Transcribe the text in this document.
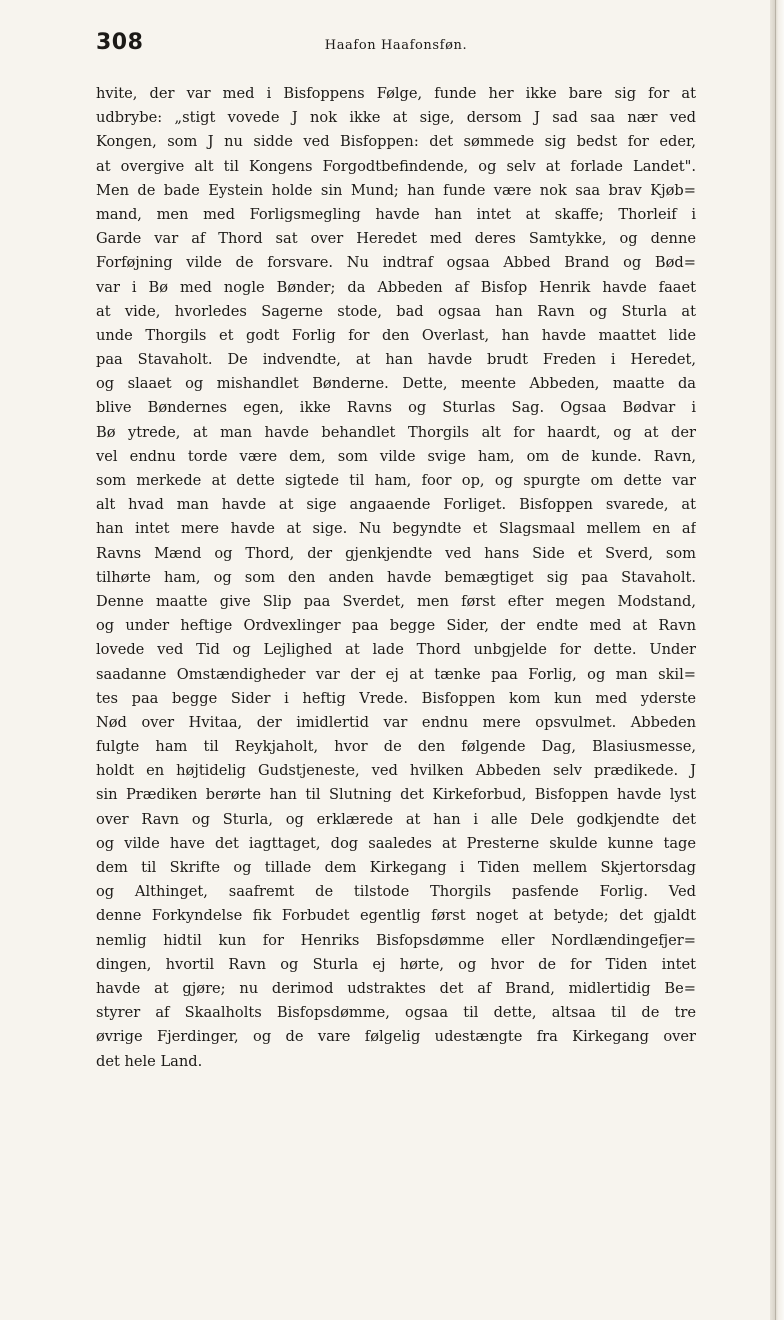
308	Haafon Haafonsføn.
hvite, der var med i Bisfoppens Følge, funde her ikke bare sig for at
udbrybe: „stigt vovede J nok ikke at sige, dersom J sad saa nær ved
Kongen, som J nu sidde ved Bisfoppen: det sømmede sig bedst for eder,
at overgive alt til Kongens Forgodtbefindende, og selv at forlade Landet".
Men de bade Eystein holde sin Mund; han funde være nok saa brav Kjøb=
mand, men med Forligsmegling havde han intet at skaffe; Thorleif i
Garde var af Thord sat over Heredet med deres Samtykke, og denne
Forføjning vilde de forsvare. Nu indtraf ogsaa Abbed Brand og Bød=
var i Bø med nogle Bønder; da Abbeden af Bisfop Henrik havde faaet
at vide, hvorledes Sagerne stode, bad ogsaa han Ravn og Sturla at
unde Thorgils et godt Forlig for den Overlast, han havde maattet lide
paa Stavaholt. De indvendte, at han havde brudt Freden i Heredet,
og slaaet og mishandlet Bønderne. Dette, meente Abbeden, maatte da
blive Bøndernes egen, ikke Ravns og Sturlas Sag. Ogsaa Bødvar i
Bø ytrede, at man havde behandlet Thorgils alt for haardt, og at der
vel endnu torde være dem, som vilde svige ham, om de kunde. Ravn,
som merkede at dette sigtede til ham, foor op, og spurgte om dette var
alt hvad man havde at sige angaaende Forliget. Bisfoppen svarede, at
han intet mere havde at sige. Nu begyndte et Slagsmaal mellem en af
Ravns Mænd og Thord, der gjenkjendte ved hans Side et Sverd, som
tilhørte ham, og som den anden havde bemægtiget sig paa Stavaholt.
Denne maatte give Slip paa Sverdet, men først efter megen Modstand,
og under heftige Ordvexlinger paa begge Sider, der endte med at Ravn
lovede ved Tid og Lejlighed at lade Thord unbgjelde for dette. Under
saadanne Omstændigheder var der ej at tænke paa Forlig, og man skil=
tes paa begge Sider i heftig Vrede. Bisfoppen kom kun med yderste
Nød over Hvitaa, der imidlertid var endnu mere opsvulmet. Abbeden
fulgte ham til Reykjaholt, hvor de den følgende Dag, Blasiusmesse,
holdt en højtidelig Gudstjeneste, ved hvilken Abbeden selv prædikede. J
sin Prædiken berørte han til Slutning det Kirkeforbud, Bisfoppen havde lyst
over Ravn og Sturla, og erklærede at han i alle Dele godkjendte det
og vilde have det iagttaget, dog saaledes at Presterne skulde kunne tage
dem til Skrifte og tillade dem Kirkegang i Tiden mellem Skjertorsdag
og Althinget, saafremt de tilstode Thorgils pasfende Forlig. Ved
denne Forkyndelse fik Forbudet egentlig først noget at betyde; det gjaldt
nemlig hidtil kun for Henriks Bisfopsdømme eller Nordlændingefjer=
dingen, hvortil Ravn og Sturla ej hørte, og hvor de for Tiden intet
havde at gjøre; nu derimod udstraktes det af Brand, midlertidig Be=
styrer af Skaalholts Bisfopsdømme, ogsaa til dette, altsaa til de tre
øvrige Fjerdinger, og de vare følgelig udestængte fra Kirkegang over
det hele Land.
